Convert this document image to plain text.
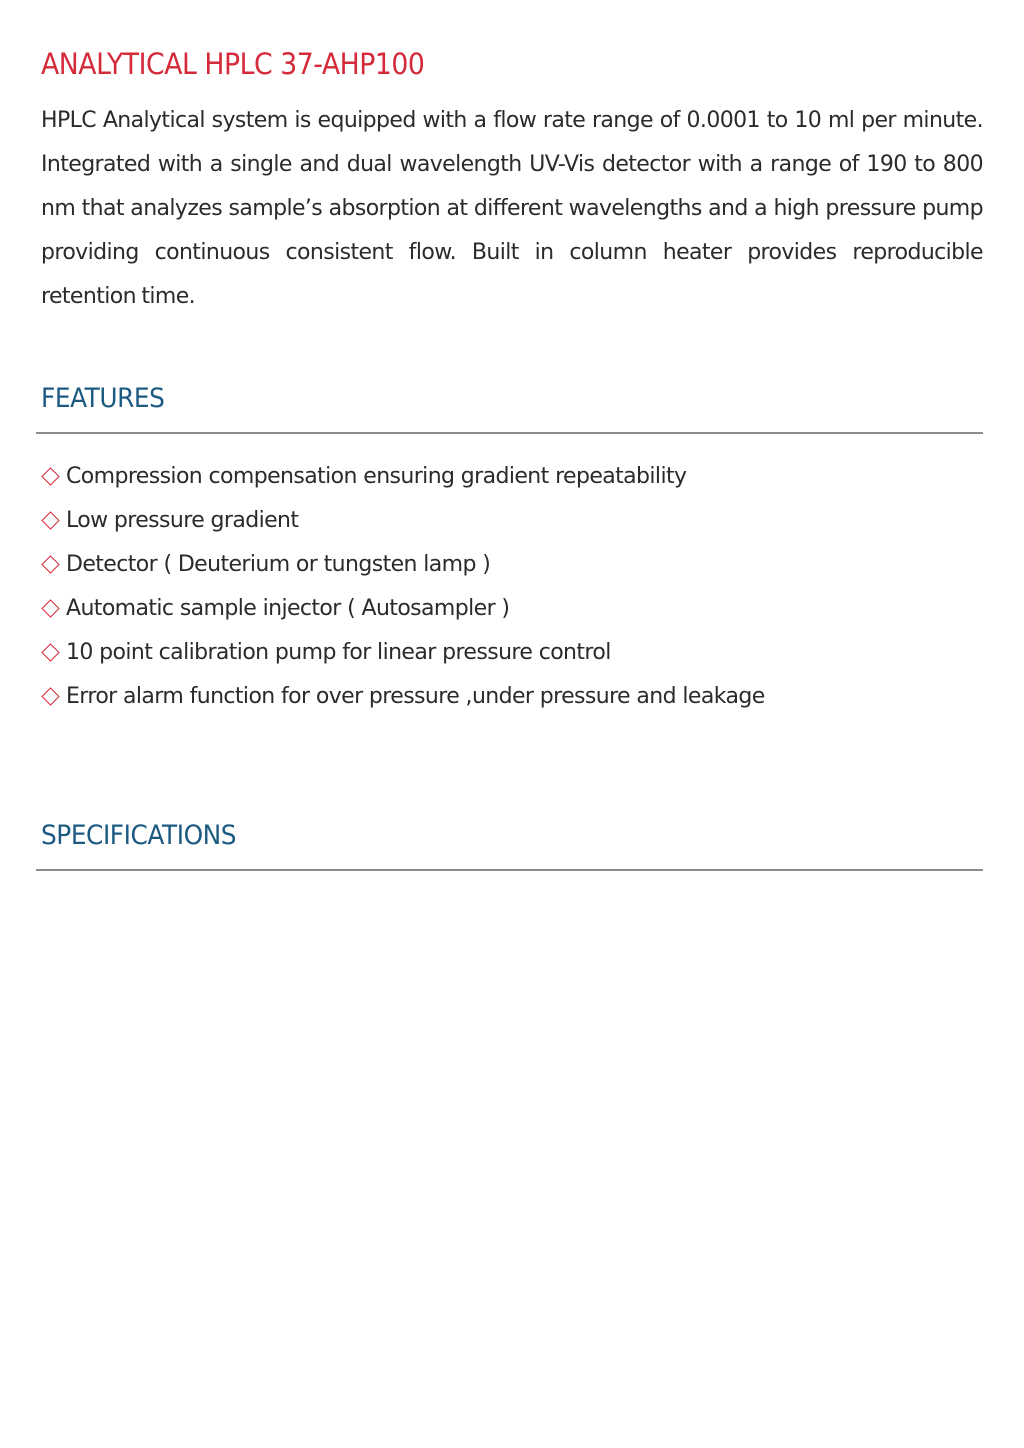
ANALYTICAL HPLC 37-AHP100

HPLC Analytical system is equipped with a flow rate range of 0.0001 to 10 ml per minute. Integrated with a single and dual wavelength UV-Vis detector with a range of 190 to 800 nm that analyzes sample’s absorption at different wavelengths and a high pressure pump providing continuous consistent flow. Built in column heater provides reproducible retention time.

FEATURES
Compression compensation ensuring gradient repeatability
Low pressure gradient
Detector ( Deuterium or tungsten lamp )
Automatic sample injector ( Autosampler )
10 point calibration pump for linear pressure control
Error alarm function for over pressure ,under pressure and leakage
SPECIFICATIONS
